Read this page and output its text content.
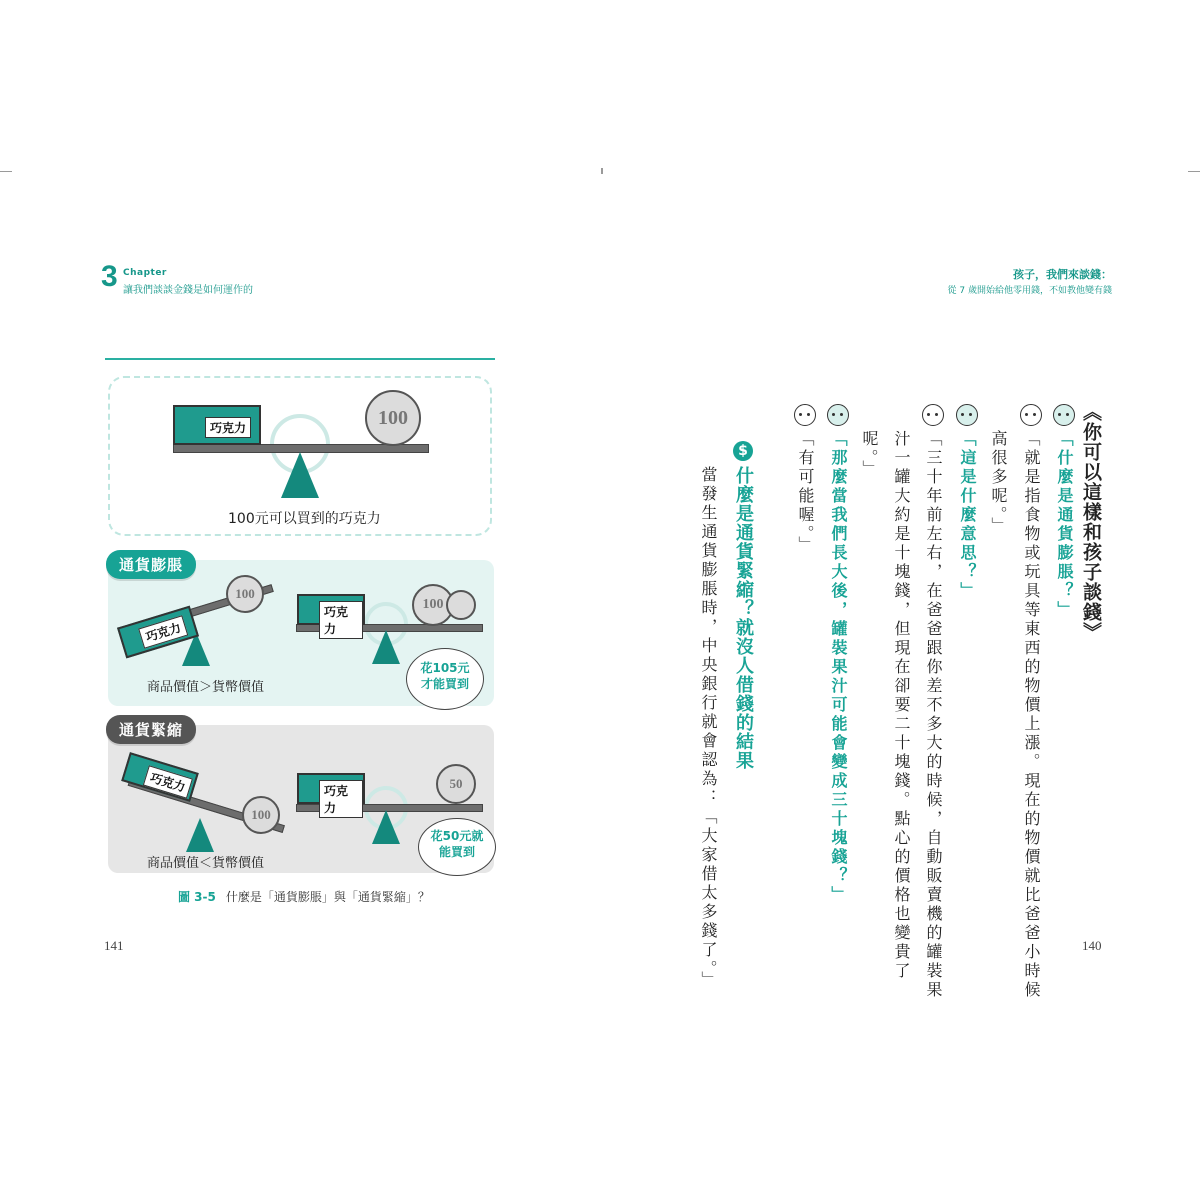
3 Chapter
讓我們談談金錢是如何運作的
巧克力	100
100元可以買到的巧克力
通貨膨脹
巧克力
100
巧克力
100
花105元
才能買到
商品價值＞貨幣價值
通貨緊縮
巧克力
100
巧克力
50
花50元就
能買到
商品價值＜貨幣價值
圖 3-5 什麼是「通貨膨脹」與「通貨緊縮」？
141
孩子，我們來談錢：
從 7 歲開始給他零用錢，不如教他變有錢
《你可以這樣和孩子談錢》
「什麼是通貨膨脹？」
「就是指食物或玩具等東西的物價上漲。現在的物價就比爸爸小時候
高很多呢。」
「這是什麼意思？」
「三十年前左右，在爸爸跟你差不多大的時候，自動販賣機的罐裝果
汁一罐大約是十塊錢，但現在卻要二十塊錢。點心的價格也變貴了
呢。」
「那麼當我們長大後，罐裝果汁可能會變成三十塊錢？」
「有可能喔。」
$
什麼是通貨緊縮？就沒人借錢的結果
當發生通貨膨脹時，中央銀行就會認為：「大家借太多錢了。」	140
